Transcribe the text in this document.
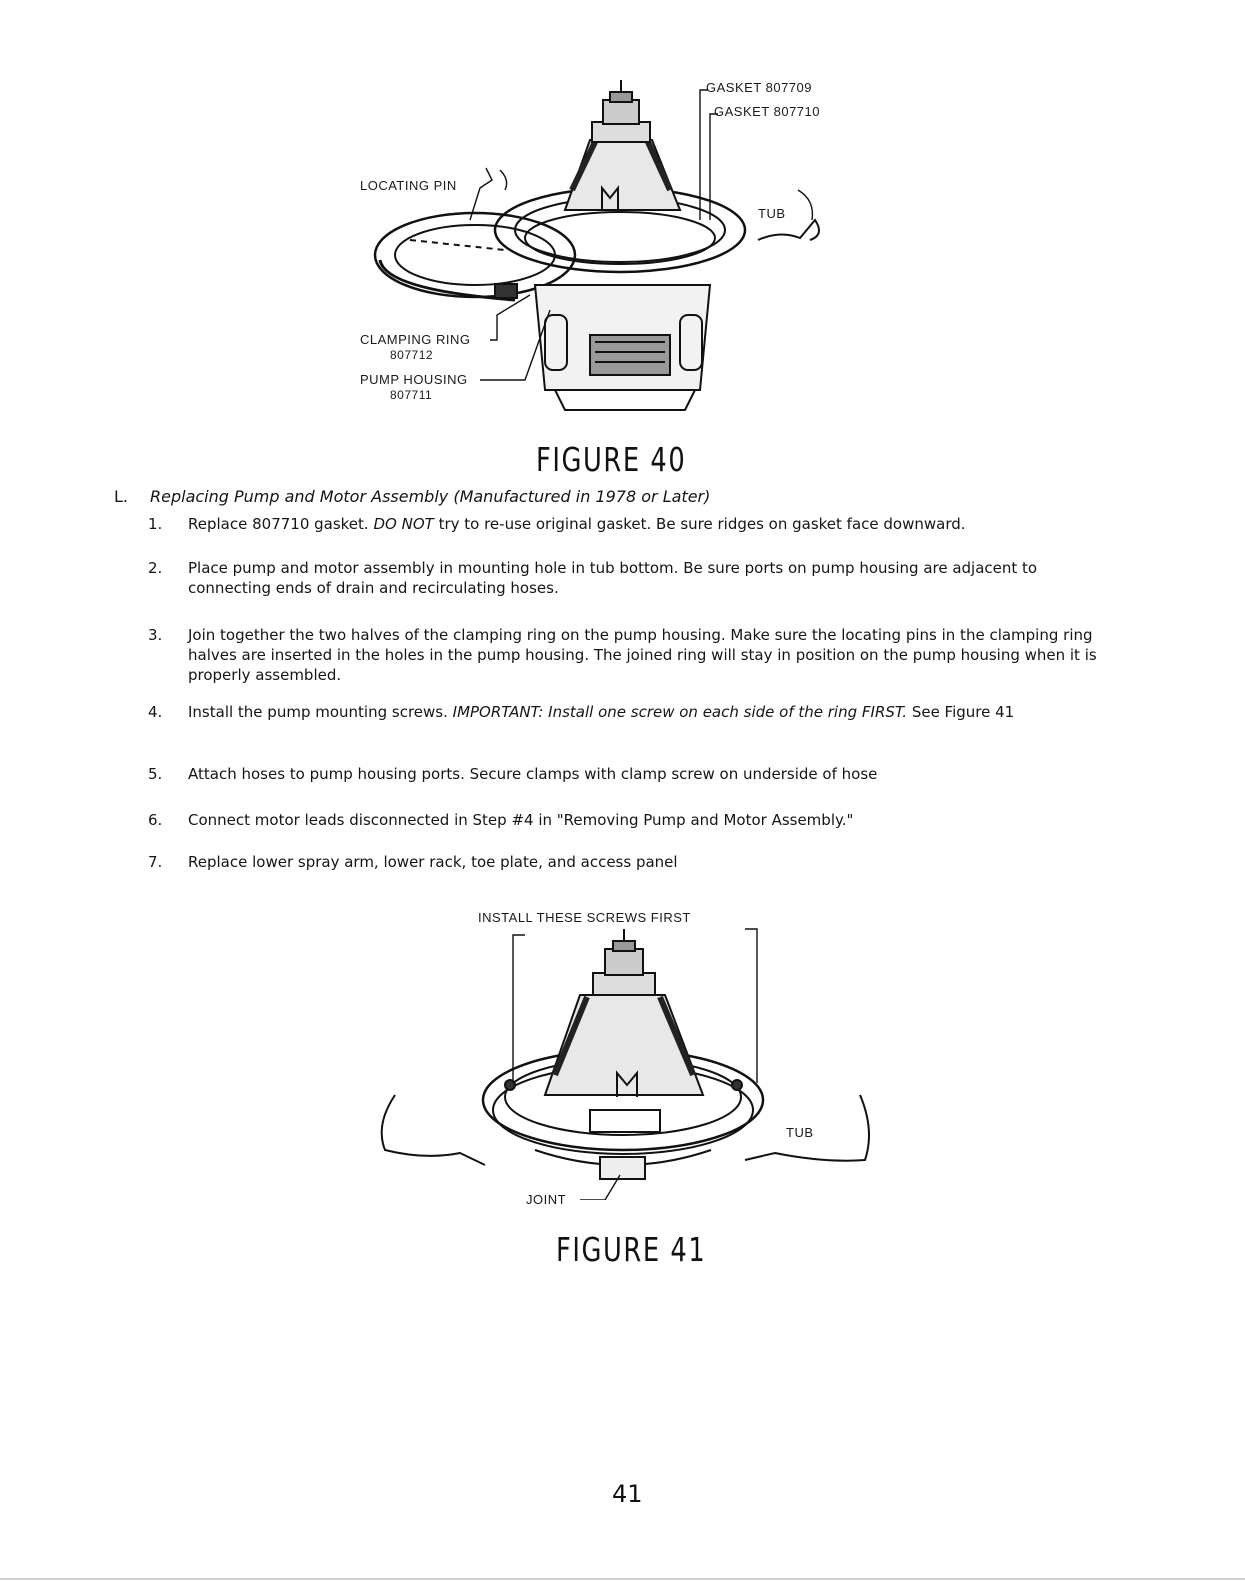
GASKET 807709
GASKET 807710
LOCATING PIN
TUB
CLAMPING RING
807712
PUMP HOUSING
807711
FIGURE 40
L. Replacing Pump and Motor Assembly (Manufactured in 1978 or Later)
1.	Replace 807710 gasket. DO NOT try to re-use original gasket. Be sure ridges on gasket face downward.
2.	Place pump and motor assembly in mounting hole in tub bottom. Be sure ports on pump housing are adjacent to connecting ends of drain and recirculating hoses.
3.	Join together the two halves of the clamping ring on the pump housing. Make sure the locating pins in the clamping ring halves are inserted in the holes in the pump housing. The joined ring will stay in position on the pump housing when it is properly assembled.
4.	Install the pump mounting screws. IMPORTANT: Install one screw on each side of the ring FIRST. See Figure 41
5.	Attach hoses to pump housing ports. Secure clamps with clamp screw on underside of hose
6.	Connect motor leads disconnected in Step #4 in "Removing Pump and Motor Assembly."
7.	Replace lower spray arm, lower rack, toe plate, and access panel
INSTALL THESE SCREWS FIRST
TUB
JOINT
FIGURE 41
41
